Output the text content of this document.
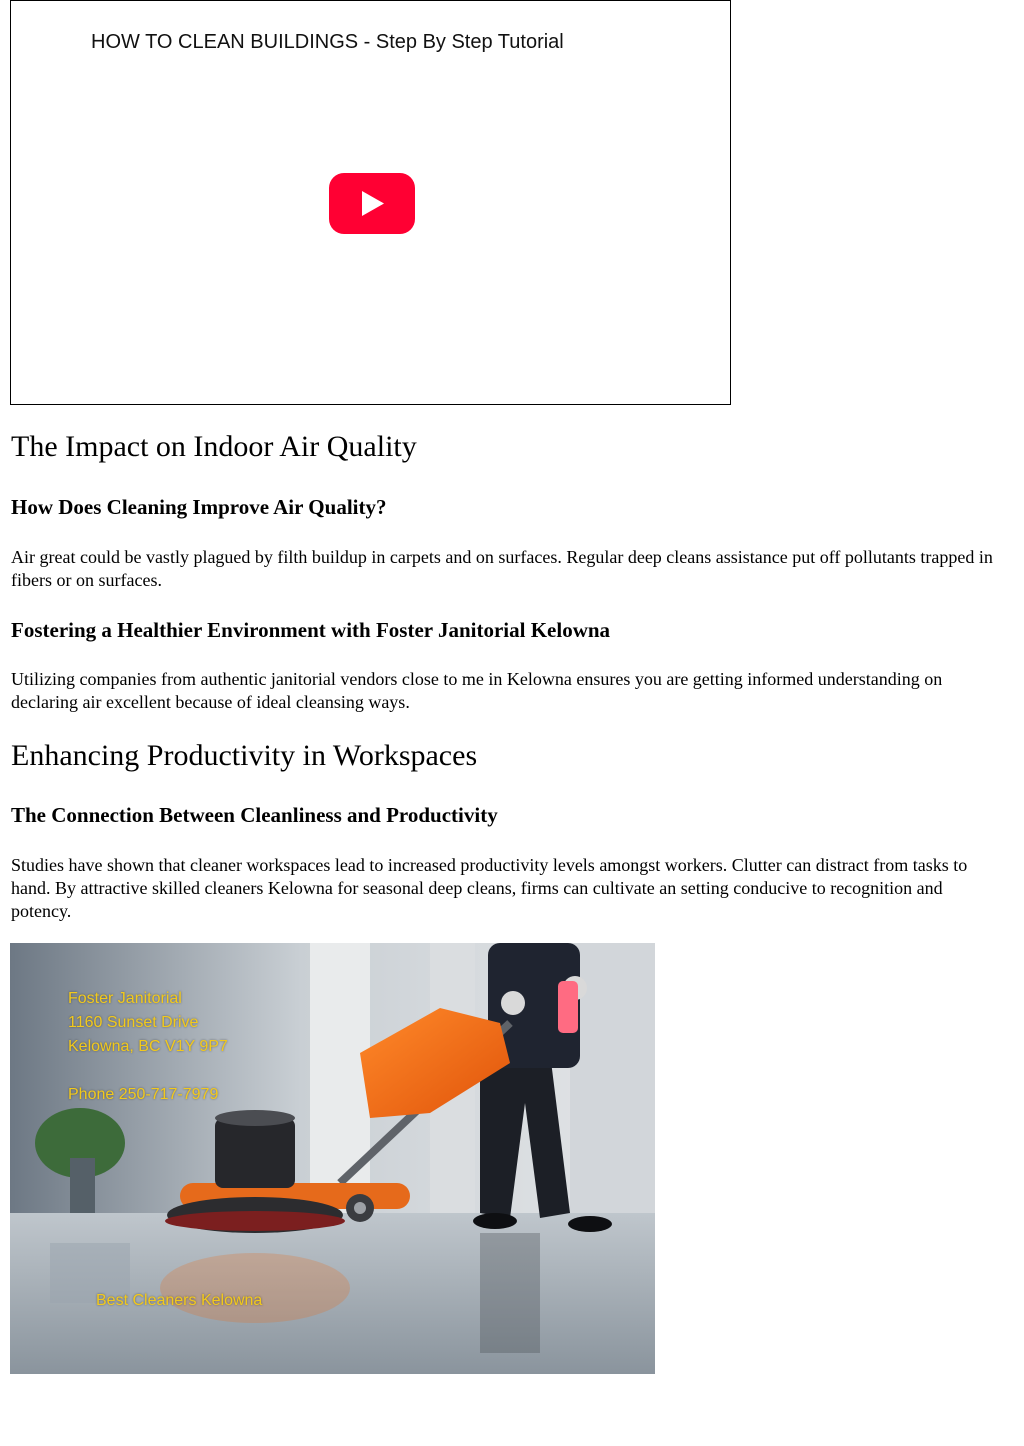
HOW TO CLEAN BUILDINGS - Step By Step Tutorial
The Impact on Indoor Air Quality
How Does Cleaning Improve Air Quality?

Air great could be vastly plagued by filth buildup in carpets and on surfaces. Regular deep cleans assistance put off pollutants trapped in fibers or on surfaces.

Fostering a Healthier Environment with Foster Janitorial Kelowna

Utilizing companies from authentic janitorial vendors close to me in Kelowna ensures you are getting informed understanding on declaring air excellent because of ideal cleansing ways.

Enhancing Productivity in Workspaces
The Connection Between Cleanliness and Productivity

Studies have shown that cleaner workspaces lead to increased productivity levels amongst workers. Clutter can distract from tasks to hand. By attractive skilled cleaners Kelowna for seasonal deep cleans, firms can cultivate an setting conducive to recognition and potency.

Foster Janitorial
1160 Sunset Drive
Kelowna, BC V1Y 9P7
Phone 250-717-7979
Best Cleaners Kelowna
